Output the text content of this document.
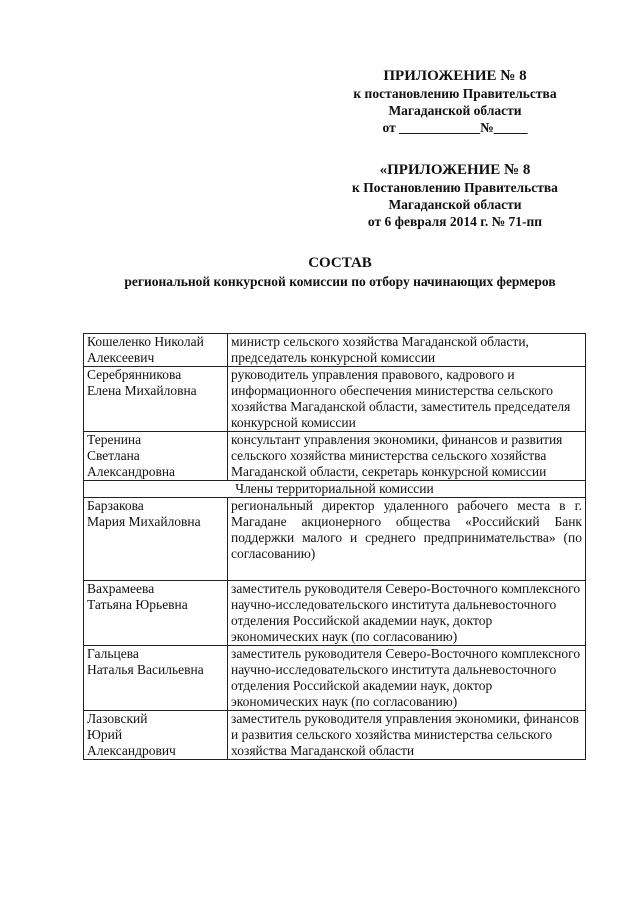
ПРИЛОЖЕНИЕ № 8
к постановлению Правительства
Магаданской области
от ____________№_____
«ПРИЛОЖЕНИЕ № 8
к Постановлению Правительства
Магаданской области
от 6 февраля 2014 г. № 71-пп
СОСТАВ
региональной конкурсной комиссии по отбору начинающих фермеров
Кошеленко Николай
Алексеевич	министр сельского хозяйства Магаданской области, председатель конкурсной комиссии
Серебрянникова
Елена Михайловна	руководитель управления правового, кадрового и информационного обеспечения министерства сельского хозяйства Магаданской области, заместитель председателя конкурсной комиссии
Теренина
Светлана
Александровна	консультант управления экономики, финансов и развития сельского хозяйства министерства сельского хозяйства Магаданской области, секретарь конкурсной комиссии
Члены территориальной комиссии	
Барзакова
Мария Михайловна	региональный директор удаленного рабочего места в г. Магадане акционерного общества «Российский Банк поддержки малого и среднего предпринимательства» (по согласованию)

Вахрамеева
Татьяна Юрьевна	заместитель руководителя Северо-Восточного комплексного научно-исследовательского института дальневосточного отделения Российской академии наук, доктор экономических наук (по согласованию)
Гальцева
Наталья Васильевна	заместитель руководителя Северо-Восточного комплексного научно-исследовательского института дальневосточного отделения Российской академии наук, доктор экономических наук (по согласованию)
Лазовский
Юрий
Александрович	заместитель руководителя управления экономики, финансов и развития сельского хозяйства министерства сельского хозяйства Магаданской области
